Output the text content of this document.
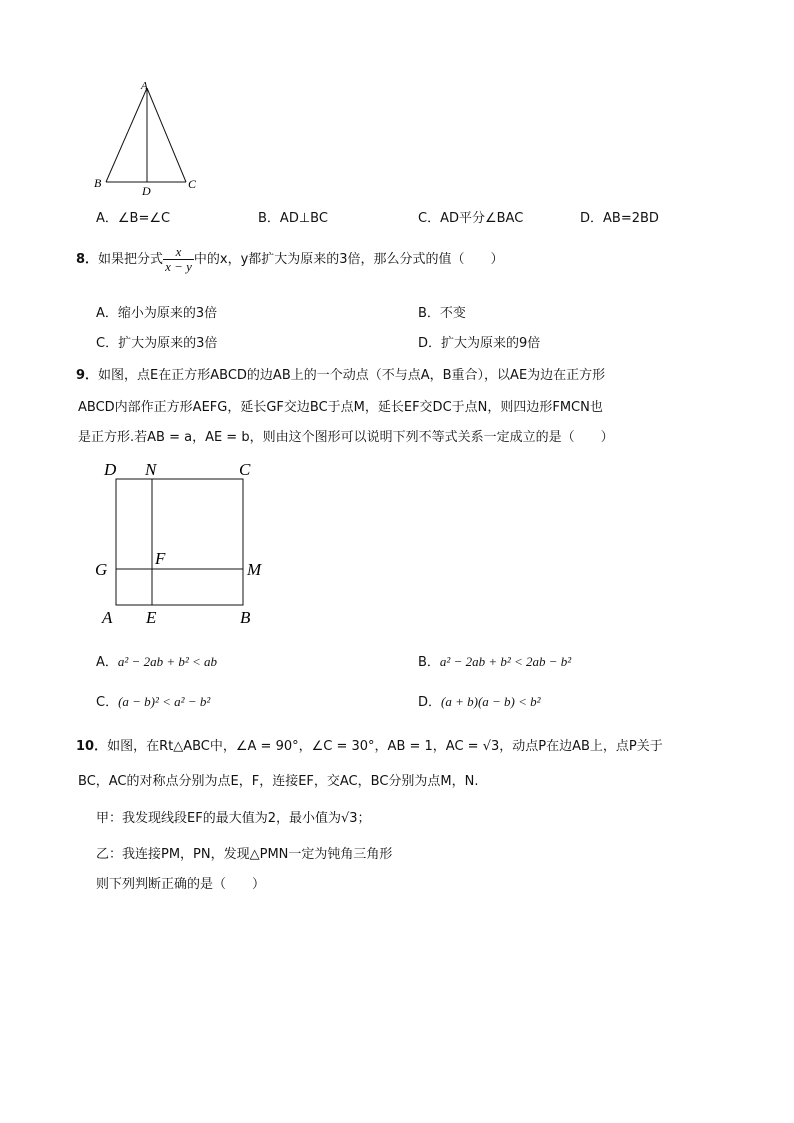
A
B
D	C
A．∠B=∠C	B．AD⊥BC	C．AD平分∠BAC	D．AB=2BD
8．如果把分式 $\frac{x}{x - y}$ 中的x，y都扩大为原来的3倍，那么分式的值（　　）
A．缩小为原来的3倍	B．不变
C．扩大为原来的3倍	D．扩大为原来的9倍
9．如图，点E在正方形ABCD的边AB上的一个动点（不与点A，B重合），以AE为边在正方形
ABCD内部作正方形AEFG，延长GF交边BC于点M，延长EF交DC于点N，则四边形FMCN也
是正方形.若AB = a，AE = b，则由这个图形可以说明下列不等式关系一定成立的是（　　）
D N	C
G
F
M
A E	B
A．a² − 2ab + b² < ab	B．a² − 2ab + b² < 2ab − b²
C．(a − b)² < a² − b²	D．(a + b)(a − b) < b²
10．如图，在Rt△ABC中，∠A = 90°，∠C = 30°，AB = 1，AC = √3，动点P在边AB上，点P关于
BC，AC的对称点分别为点E，F，连接EF，交AC，BC分别为点M，N.
甲：我发现线段EF的最大值为2，最小值为√3；
乙：我连接PM，PN，发现△PMN一定为钝角三角形
则下列判断正确的是（　　）
